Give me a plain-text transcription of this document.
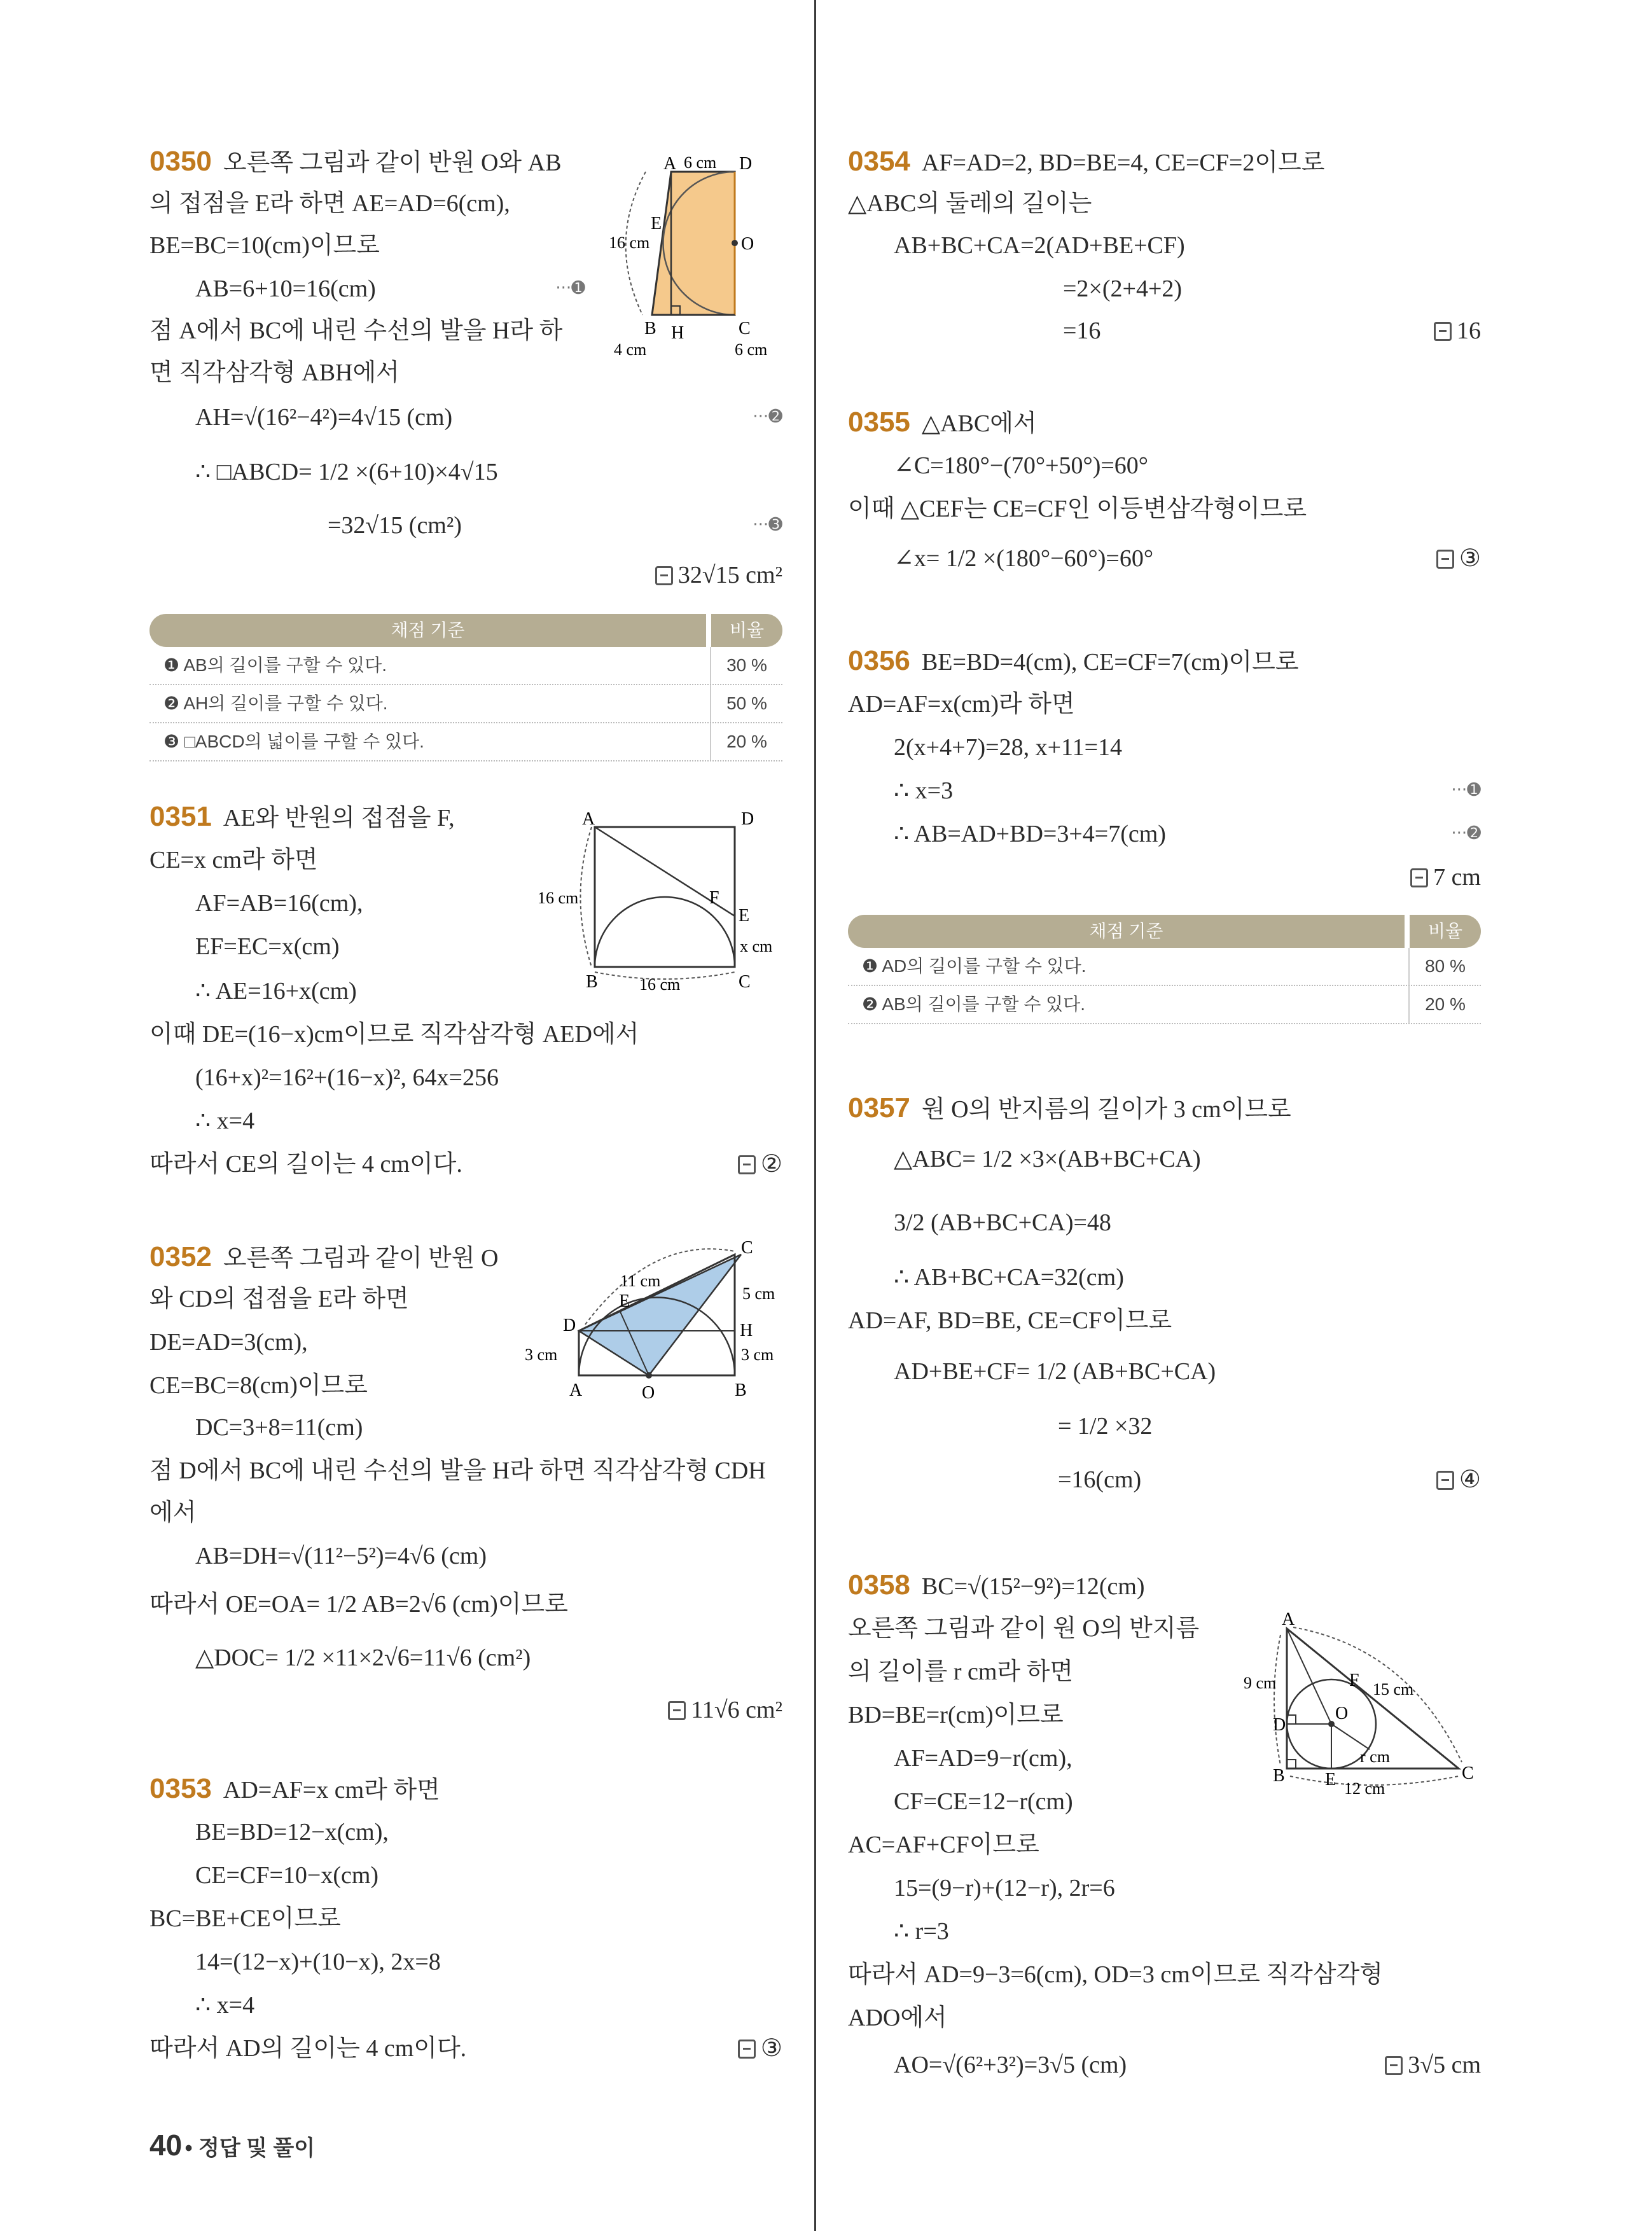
0350 오른쪽 그림과 같이 반원 O와 AB
의 접점을 E라 하면 AE=AD=6(cm),
BE=BC=10(cm)이므로
AB=6+10=16(cm)	···➊
점 A에서 BC에 내린 수선의 발을 H라 하
면 직각삼각형 ABH에서
AH=√(16²−4²)=4√15 (cm)	···➋
∴ □ABCD= 1/2 ×(6+10)×4√15
=32√15 (cm²)	···➌
32√15 cm²
A	D
6 cm
E
16 cm	O
B H	C
4 cm	6 cm
채점 기준	비율
❶ AB의 길이를 구할 수 있다.	30 %
❷ AH의 길이를 구할 수 있다.	50 %
❸ □ABCD의 넓이를 구할 수 있다.	20 %
0351 AE와 반원의 접점을 F,
CE=x cm라 하면
AF=AB=16(cm),
EF=EC=x(cm)
∴ AE=16+x(cm)
이때 DE=(16−x)cm이므로 직각삼각형 AED에서
(16+x)²=16²+(16−x)², 64x=256
∴ x=4
따라서 CE의 길이는 4 cm이다.	②
A	D
F
E
16 cm
B	C
16 cm
x cm
0352 오른쪽 그림과 같이 반원 O
와 CD의 접점을 E라 하면
DE=AD=3(cm),
CE=BC=8(cm)이므로
DC=3+8=11(cm)
점 D에서 BC에 내린 수선의 발을 H라 하면 직각삼각형 CDH
에서
AB=DH=√(11²−5²)=4√6 (cm)
따라서 OE=OA= 1/2 AB=2√6 (cm)이므로
△DOC= 1/2 ×11×2√6=11√6 (cm²)
11√6 cm²
C
E
11 cm
5 cm
D	H
3 cm	3 cm
A	O	B
0353 AD=AF=x cm라 하면
BE=BD=12−x(cm),
CE=CF=10−x(cm)
BC=BE+CE이므로
14=(12−x)+(10−x), 2x=8
∴ x=4
따라서 AD의 길이는 4 cm이다.	③
0354 AF=AD=2, BD=BE=4, CE=CF=2이므로
△ABC의 둘레의 길이는
AB+BC+CA=2(AD+BE+CF)
=2×(2+4+2)
=16	16
0355 △ABC에서
∠C=180°−(70°+50°)=60°
이때 △CEF는 CE=CF인 이등변삼각형이므로
∠x= 1/2 ×(180°−60°)=60°	③
0356 BE=BD=4(cm), CE=CF=7(cm)이므로
AD=AF=x(cm)라 하면
2(x+4+7)=28, x+11=14
∴ x=3	···➊
∴ AB=AD+BD=3+4=7(cm)	···➋
7 cm
채점 기준	비율
❶ AD의 길이를 구할 수 있다.	80 %
❷ AB의 길이를 구할 수 있다.	20 %
0357 원 O의 반지름의 길이가 3 cm이므로
△ABC= 1/2 ×3×(AB+BC+CA)
3/2 (AB+BC+CA)=48
∴ AB+BC+CA=32(cm)
AD=AF, BD=BE, CE=CF이므로
AD+BE+CF= 1/2 (AB+BC+CA)
= 1/2 ×32
=16(cm)	④
0358 BC=√(15²−9²)=12(cm)
오른쪽 그림과 같이 원 O의 반지름
의 길이를 r cm라 하면
BD=BE=r(cm)이므로
AF=AD=9−r(cm),
CF=CE=12−r(cm)
AC=AF+CF이므로
15=(9−r)+(12−r), 2r=6
∴ r=3
따라서 AD=9−3=6(cm), OD=3 cm이므로 직각삼각형
ADO에서
AO=√(6²+3²)=3√5 (cm)	3√5 cm
A
F 15 cm
9 cm
D
O
r cm
B E	C
12 cm
40 • 정답 및 풀이
